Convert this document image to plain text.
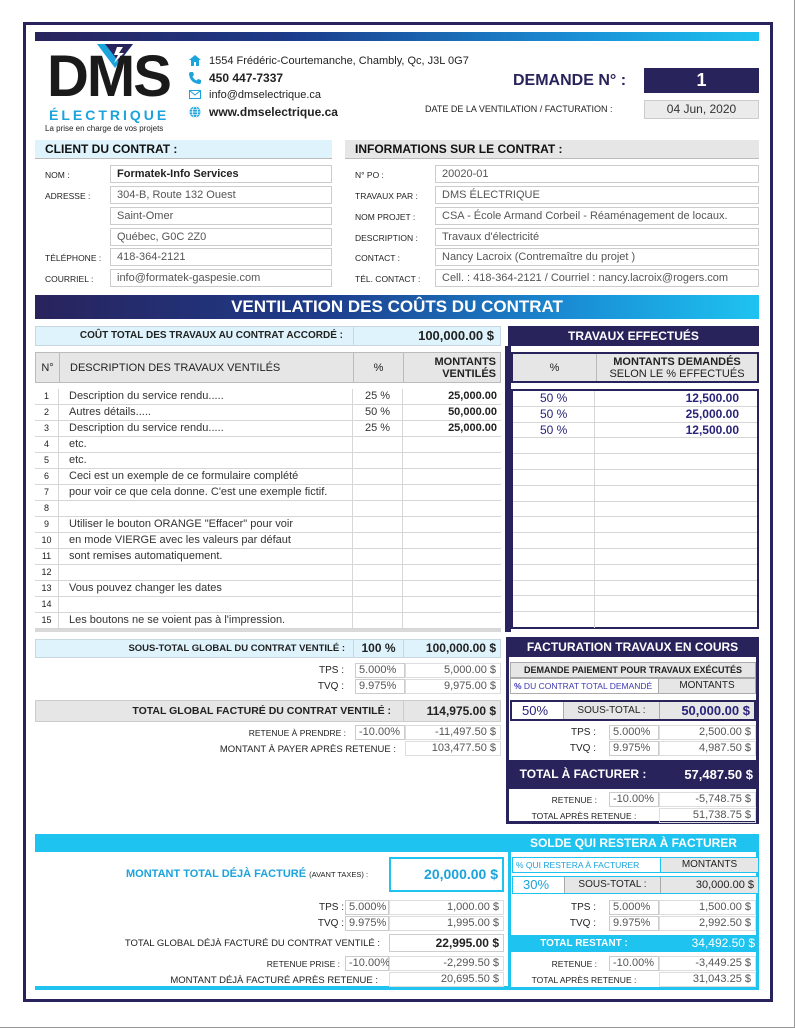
DMS
ÉLECTRIQUE
La prise en charge de vos projets
1554 Frédéric-Courtemanche, Chambly, Qc, J3L 0G7
450 447-7337
info@dmselectrique.ca
www.dmselectrique.ca
DEMANDE N° :	1
DATE DE LA VENTILATION / FACTURATION :	04 Jun, 2020
CLIENT DU CONTRAT :
NOM :	Formatek-Info Services
ADRESSE :	304-B, Route 132 Ouest
Saint-Omer
Québec, G0C 2Z0
TÉLÉPHONE :	418-364-2121
COURRIEL :	info@formatek-gaspesie.com
INFORMATIONS SUR LE CONTRAT :
N° PO :	20020-01
TRAVAUX PAR :	DMS ÉLECTRIQUE
NOM PROJET :	CSA - École Armand Corbeil - Réaménagement de locaux.
DESCRIPTION :	Travaux d'électricité
CONTACT :	Nancy Lacroix (Contremaître du projet )
TÉL. CONTACT :	Cell. : 418-364-2121 / Courriel : nancy.lacroix@rogers.com
VENTILATION DES COÛTS DU CONTRAT
COÛT TOTAL DES TRAVAUX AU CONTRAT ACCORDÉ :	100,000.00 $	TRAVAUX EFFECTUÉS
N°	DESCRIPTION DES TRAVAUX VENTILÉS	%	MONTANTS
VENTILÉS	%	MONTANTS DEMANDÉS
SELON LE % EFFECTUÉS
1	Description du service rendu.....	25 %	25,000.00
2	Autres détails.....	50 %	50,000.00
3	Description du service rendu.....	25 %	25,000.00
4	etc.
5	etc.
6	Ceci est un exemple de ce formulaire complété
7	pour voir ce que cela donne. C'est une exemple fictif.
8
9	Utiliser le bouton ORANGE "Effacer" pour voir
10	en mode VIERGE avec les valeurs par défaut
11	sont remises automatiquement.
12
13	Vous pouvez changer les dates
14
15	Les boutons ne se voient pas à l'impression.
50 %	12,500.00
50 %	25,000.00
50 %	12,500.00
SOUS-TOTAL GLOBAL DU CONTRAT VENTILÉ :	100 %	100,000.00 $
TPS :	5.000%	5,000.00 $
TVQ :	9.975%	9,975.00 $
TOTAL GLOBAL FACTURÉ DU CONTRAT VENTILÉ :	114,975.00 $
RETENUE À PRENDRE :	-10.00%	-11,497.50 $
MONTANT À PAYER APRÈS RETENUE :	103,477.50 $
FACTURATION TRAVAUX EN COURS
DEMANDE PAIEMENT POUR TRAVAUX EXÉCUTÉS
% DU CONTRAT TOTAL DEMANDÉ	MONTANTS
50%	SOUS-TOTAL :	50,000.00 $
TPS :	5.000%	2,500.00 $
TVQ :	9.975%	4,987.50 $
TOTAL À FACTURER :	57,487.50 $
RETENUE :	-10.00%	-5,748.75 $
TOTAL APRÈS RETENUE :	51,738.75 $
SOLDE QUI RESTERA À FACTURER
MONTANT TOTAL DÉJÀ FACTURÉ (AVANT TAXES) :	20,000.00 $
TPS : 5.000%	1,000.00 $
TVQ : 9.975%	1,995.00 $
TOTAL GLOBAL DÉJÀ FACTURÉ DU CONTRAT VENTILÉ :	22,995.00 $
RETENUE PRISE : -10.00%	-2,299.50 $
MONTANT DÉJÀ FACTURÉ APRÈS RETENUE :	20,695.50 $
% QUI RESTERA À FACTURER	MONTANTS
30%	SOUS-TOTAL :	30,000.00 $
TPS :	5.000%	1,500.00 $
TVQ :	9.975%	2,992.50 $
TOTAL RESTANT :	34,492.50 $
RETENUE :	-10.00%	-3,449.25 $
TOTAL APRÈS RETENUE :	31,043.25 $
